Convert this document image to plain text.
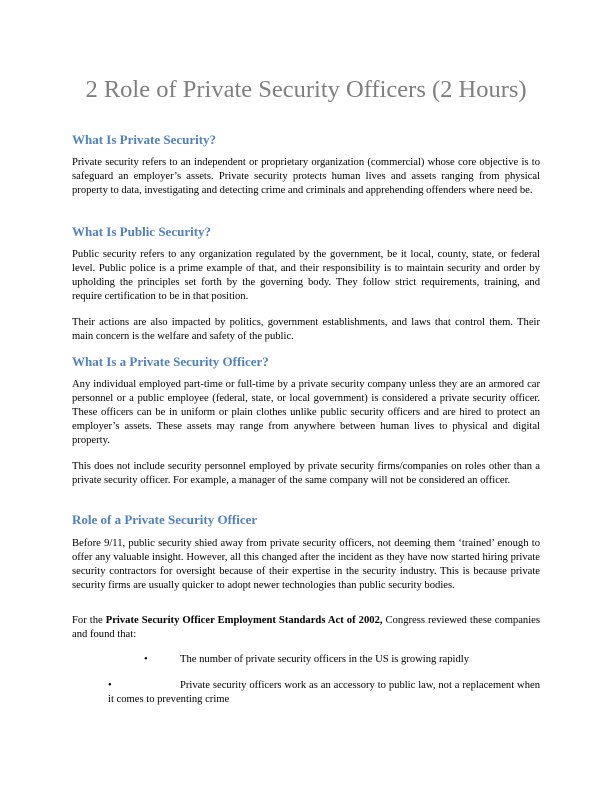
2 Role of Private Security Officers (2 Hours)
What Is Private Security?

Private security refers to an independent or proprietary organization (commercial) whose core objective is to safeguard an employer’s assets. Private security protects human lives and assets ranging from physical property to data, investigating and detecting crime and criminals and apprehending offenders where need be.

What Is Public Security?

Public security refers to any organization regulated by the government, be it local, county, state, or federal level. Public police is a prime example of that, and their responsibility is to maintain security and order by upholding the principles set forth by the governing body. They follow strict requirements, training, and require certification to be in that position.

Their actions are also impacted by politics, government establishments, and laws that control them. Their main concern is the welfare and safety of the public.

What Is a Private Security Officer?

Any individual employed part-time or full-time by a private security company unless they are an armored car personnel or a public employee (federal, state, or local government) is considered a private security officer. These officers can be in uniform or plain clothes unlike public security officers and are hired to protect an employer’s assets. These assets may range from anywhere between human lives to physical and digital property.

This does not include security personnel employed by private security firms/companies on roles other than a private security officer. For example, a manager of the same company will not be considered an officer.

Role of a Private Security Officer

Before 9/11, public security shied away from private security officers, not deeming them ‘trained’ enough to offer any valuable insight. However, all this changed after the incident as they have now started hiring private security contractors for oversight because of their expertise in the security industry. This is because private security firms are usually quicker to adopt newer technologies than public security bodies.

For the Private Security Officer Employment Standards Act of 2002, Congress reviewed these companies and found that:

•	The number of private security officers in the US is growing rapidly

•	Private security officers work as an accessory to public law, not a replacement when it comes to preventing crime
